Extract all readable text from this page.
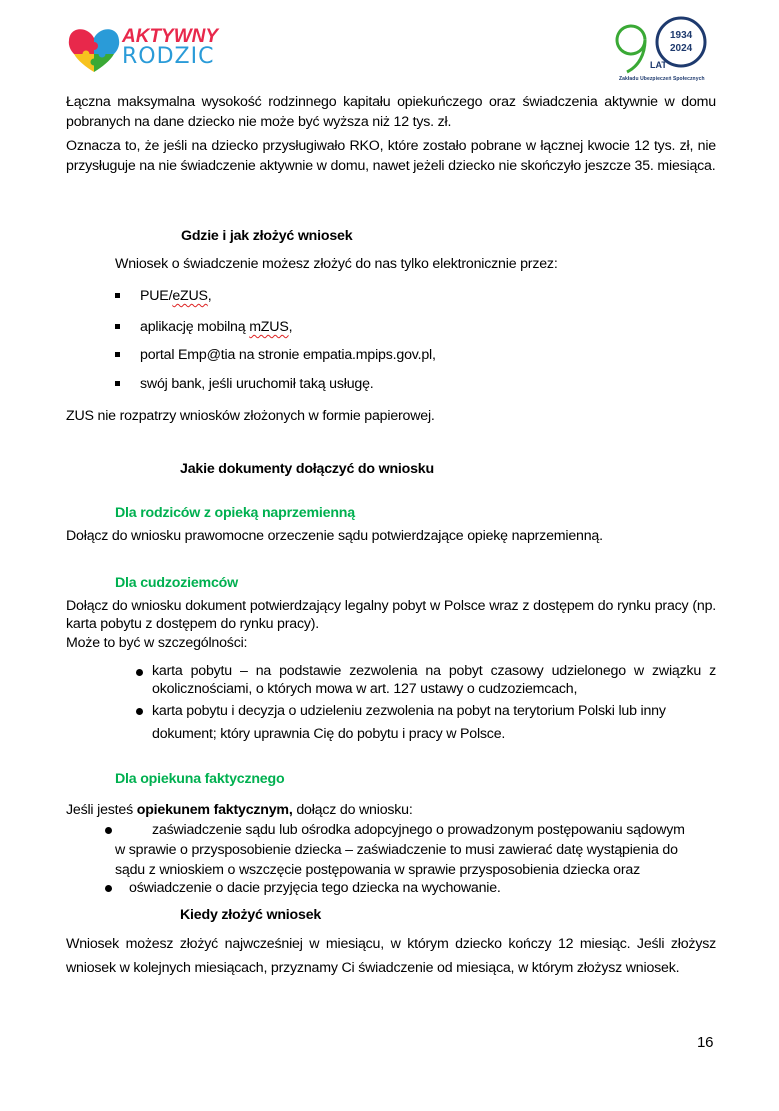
AKTYWNY
RODZIC
1934
2024
LAT
Zakładu Ubezpieczeń Społecznych
Łączna maksymalna wysokość rodzinnego kapitału opiekuńczego oraz świadczenia aktywnie w domu pobranych na dane dziecko nie może być wyższa niż 12 tys. zł.
Oznacza to, że jeśli na dziecko przysługiwało RKO, które zostało pobrane w łącznej kwocie 12 tys. zł, nie przysługuje na nie świadczenie aktywnie w domu, nawet jeżeli dziecko nie skończyło jeszcze 35. miesiąca.
Gdzie i jak złożyć wniosek
Wniosek o świadczenie możesz złożyć do nas tylko elektronicznie przez:
PUE/eZUS,
aplikację mobilną mZUS,
portal Emp@tia na stronie empatia.mpips.gov.pl,
swój bank, jeśli uruchomił taką usługę.
ZUS nie rozpatrzy wniosków złożonych w formie papierowej.
Jakie dokumenty dołączyć do wniosku
Dla rodziców z opieką naprzemienną
Dołącz do wniosku prawomocne orzeczenie sądu potwierdzające opiekę naprzemienną.
Dla cudzoziemców
Dołącz do wniosku dokument potwierdzający legalny pobyt w Polsce wraz z dostępem do rynku pracy (np. karta pobytu z dostępem do rynku pracy).
Może to być w szczególności:
karta pobytu – na podstawie zezwolenia na pobyt czasowy udzielonego w związku z okolicznościami, o których mowa w art. 127 ustawy o cudzoziemcach,
karta pobytu i decyzja o udzieleniu zezwolenia na pobyt na terytorium Polski lub inny
dokument; który uprawnia Cię do pobytu i pracy w Polsce.
Dla opiekuna faktycznego
Jeśli jesteś opiekunem faktycznym, dołącz do wniosku:
zaświadczenie sądu lub ośrodka adopcyjnego o prowadzonym postępowaniu sądowym
w sprawie o przysposobienie dziecka – zaświadczenie to musi zawierać datę wystąpienia do
sądu z wnioskiem o wszczęcie postępowania w sprawie przysposobienia dziecka oraz
oświadczenie o dacie przyjęcia tego dziecka na wychowanie.
Kiedy złożyć wniosek
Wniosek możesz złożyć najwcześniej w miesiącu, w którym dziecko kończy 12 miesiąc. Jeśli złożysz wniosek w kolejnych miesiącach, przyznamy Ci świadczenie od miesiąca, w którym złożysz wniosek.
16
